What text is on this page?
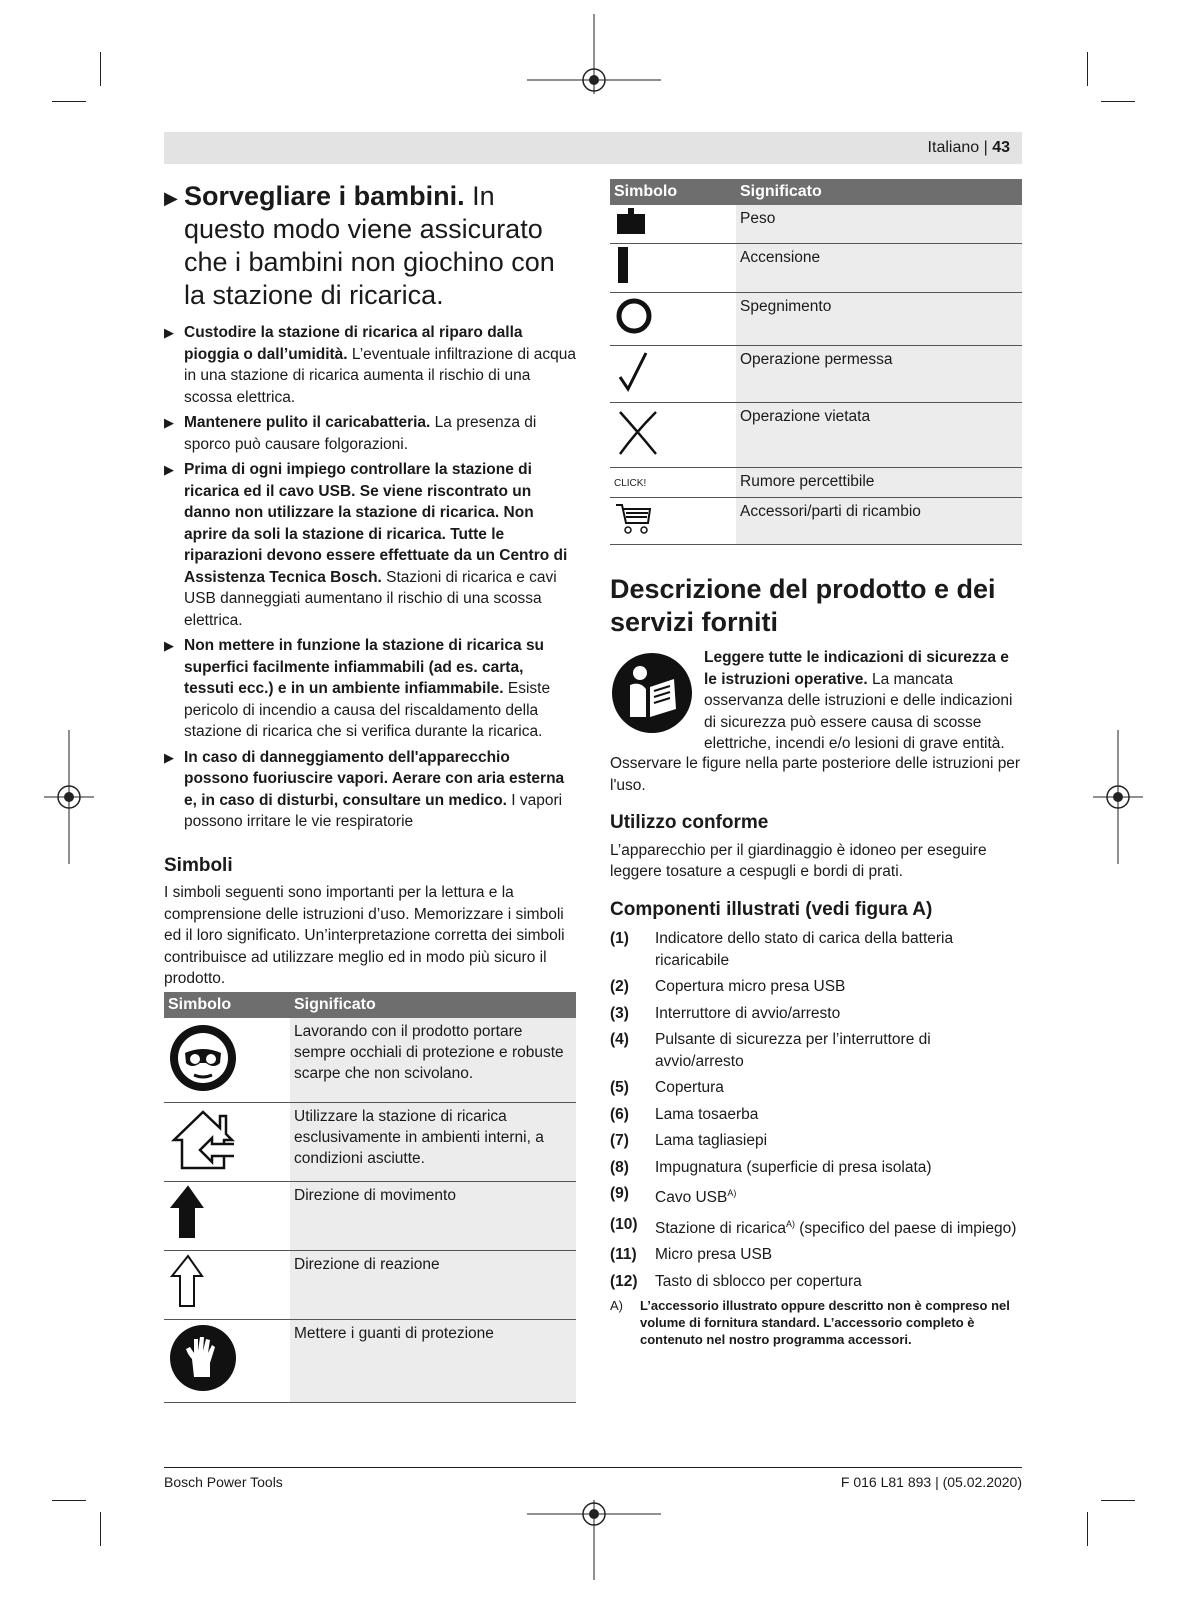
Italiano | 43
▶ Sorvegliare i bambini. In questo modo viene assicurato che i bambini non giochino con la stazione di ricarica.
▶ Custodire la stazione di ricarica al riparo dalla pioggia o dall’umidità. L’eventuale infiltrazione di acqua in una stazione di ricarica aumenta il rischio di una scossa elettrica.
▶ Mantenere pulito il caricabatteria. La presenza di sporco può causare folgorazioni.
▶ Prima di ogni impiego controllare la stazione di ricarica ed il cavo USB. Se viene riscontrato un danno non utilizzare la stazione di ricarica. Non aprire da soli la stazione di ricarica. Tutte le riparazioni devono essere effettuate da un Centro di Assistenza Tecnica Bosch. Stazioni di ricarica e cavi USB danneggiati aumentano il rischio di una scossa elettrica.
▶ Non mettere in funzione la stazione di ricarica su superfici facilmente infiammabili (ad es. carta, tessuti ecc.) e in un ambiente infiammabile. Esiste pericolo di incendio a causa del riscaldamento della stazione di ricarica che si verifica durante la ricarica.
▶ In caso di danneggiamento dell'apparecchio possono fuoriuscire vapori. Aerare con aria esterna e, in caso di disturbi, consultare un medico. I vapori possono irritare le vie respiratorie
Simboli
I simboli seguenti sono importanti per la lettura e la comprensione delle istruzioni d’uso. Memorizzare i simboli ed il loro significato. Un’interpretazione corretta dei simboli contribuisce ad utilizzare meglio ed in modo più sicuro il prodotto.
Simbolo	Significato
	Lavorando con il prodotto portare sempre occhiali di protezione e robuste scarpe che non scivolano.
	Utilizzare la stazione di ricarica esclusivamente in ambienti interni, a condizioni asciutte.
	Direzione di movimento
	Direzione di reazione
	Mettere i guanti di protezione
Simbolo	Significato
	Peso
	Accensione
	Spegnimento
	Operazione permessa
	Operazione vietata
CLICK!	Rumore percettibile
	Accessori/parti di ricambio
Descrizione del prodotto e dei servizi forniti
Leggere tutte le indicazioni di sicurezza e le istruzioni operative. La mancata osservanza delle istruzioni e delle indicazioni di sicurezza può essere causa di scosse elettriche, incendi e/o lesioni di grave entità.
Osservare le figure nella parte posteriore delle istruzioni per l'uso.
Utilizzo conforme
L’apparecchio per il giardinaggio è idoneo per eseguire leggere tosature a cespugli e bordi di prati.
Componenti illustrati (vedi figura A)
(1)	Indicatore dello stato di carica della batteria ricaricabile
(2)	Copertura micro presa USB
(3)	Interruttore di avvio/arresto
(4)	Pulsante di sicurezza per l’interruttore di avvio/arresto
(5)	Copertura
(6)	Lama tosaerba
(7)	Lama tagliasiepi
(8)	Impugnatura (superficie di presa isolata)
(9)	Cavo $USB^{A)}$
(10)	Stazione di ricarica$^{A)}$ (specifico del paese di impiego)
(11)	Micro presa USB
(12)	Tasto di sblocco per copertura
A)	L’accessorio illustrato oppure descritto non è compreso nel volume di fornitura standard. L’accessorio completo è contenuto nel nostro programma accessori.
Bosch Power Tools	F 016 L81 893 | (05.02.2020)
